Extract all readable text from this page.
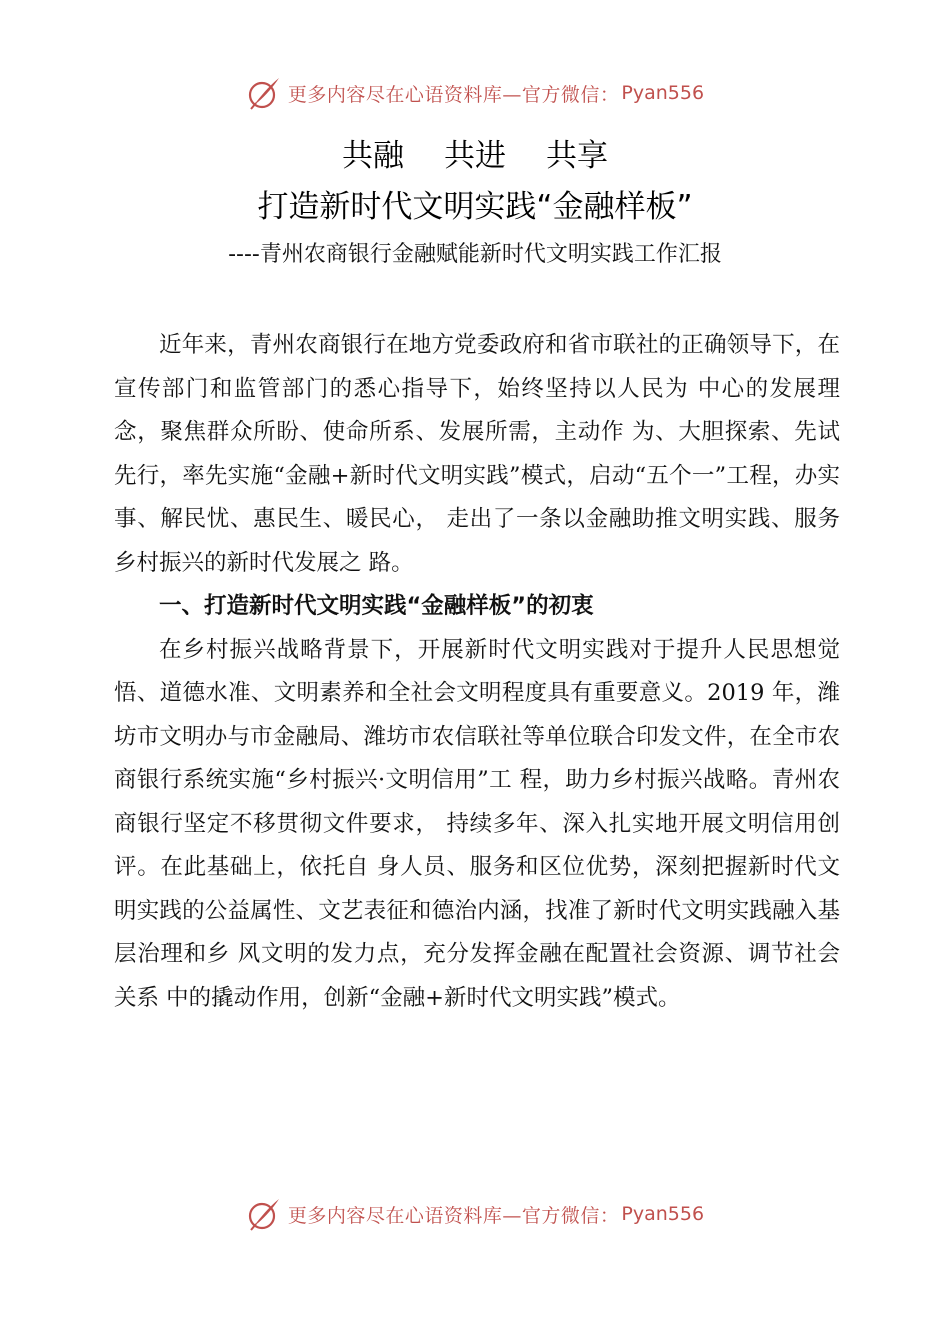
更多内容尽在心语资料库—官方微信： Pyan556
共融 共进 共享
打造新时代文明实践“金融样板”
----青州农商银行金融赋能新时代文明实践工作汇报

近年来，青州农商银行在地方党委政府和省市联社的正确领导下，在宣传部门和监管部门的悉心指导下，始终坚持以人民为 中心的发展理念，聚焦群众所盼、使命所系、发展所需，主动作 为、大胆探索、先试先行，率先实施“金融+新时代文明实践”模式，启动“五个一”工程，办实事、解民忧、惠民生、暖民心， 走出了一条以金融助推文明实践、服务乡村振兴的新时代发展之 路。

一、打造新时代文明实践“金融样板”的初衷

在乡村振兴战略背景下，开展新时代文明实践对于提升人民思想觉悟、道德水准、文明素养和全社会文明程度具有重要意义。2019 年，潍坊市文明办与市金融局、潍坊市农信联社等单位联合印发文件，在全市农商银行系统实施“乡村振兴·文明信用”工 程，助力乡村振兴战略。青州农商银行坚定不移贯彻文件要求， 持续多年、深入扎实地开展文明信用创评。在此基础上，依托自 身人员、服务和区位优势，深刻把握新时代文明实践的公益属性、文艺表征和德治内涵，找准了新时代文明实践融入基层治理和乡 风文明的发力点，充分发挥金融在配置社会资源、调节社会关系 中的撬动作用，创新“金融+新时代文明实践”模式。

更多内容尽在心语资料库—官方微信： Pyan556
